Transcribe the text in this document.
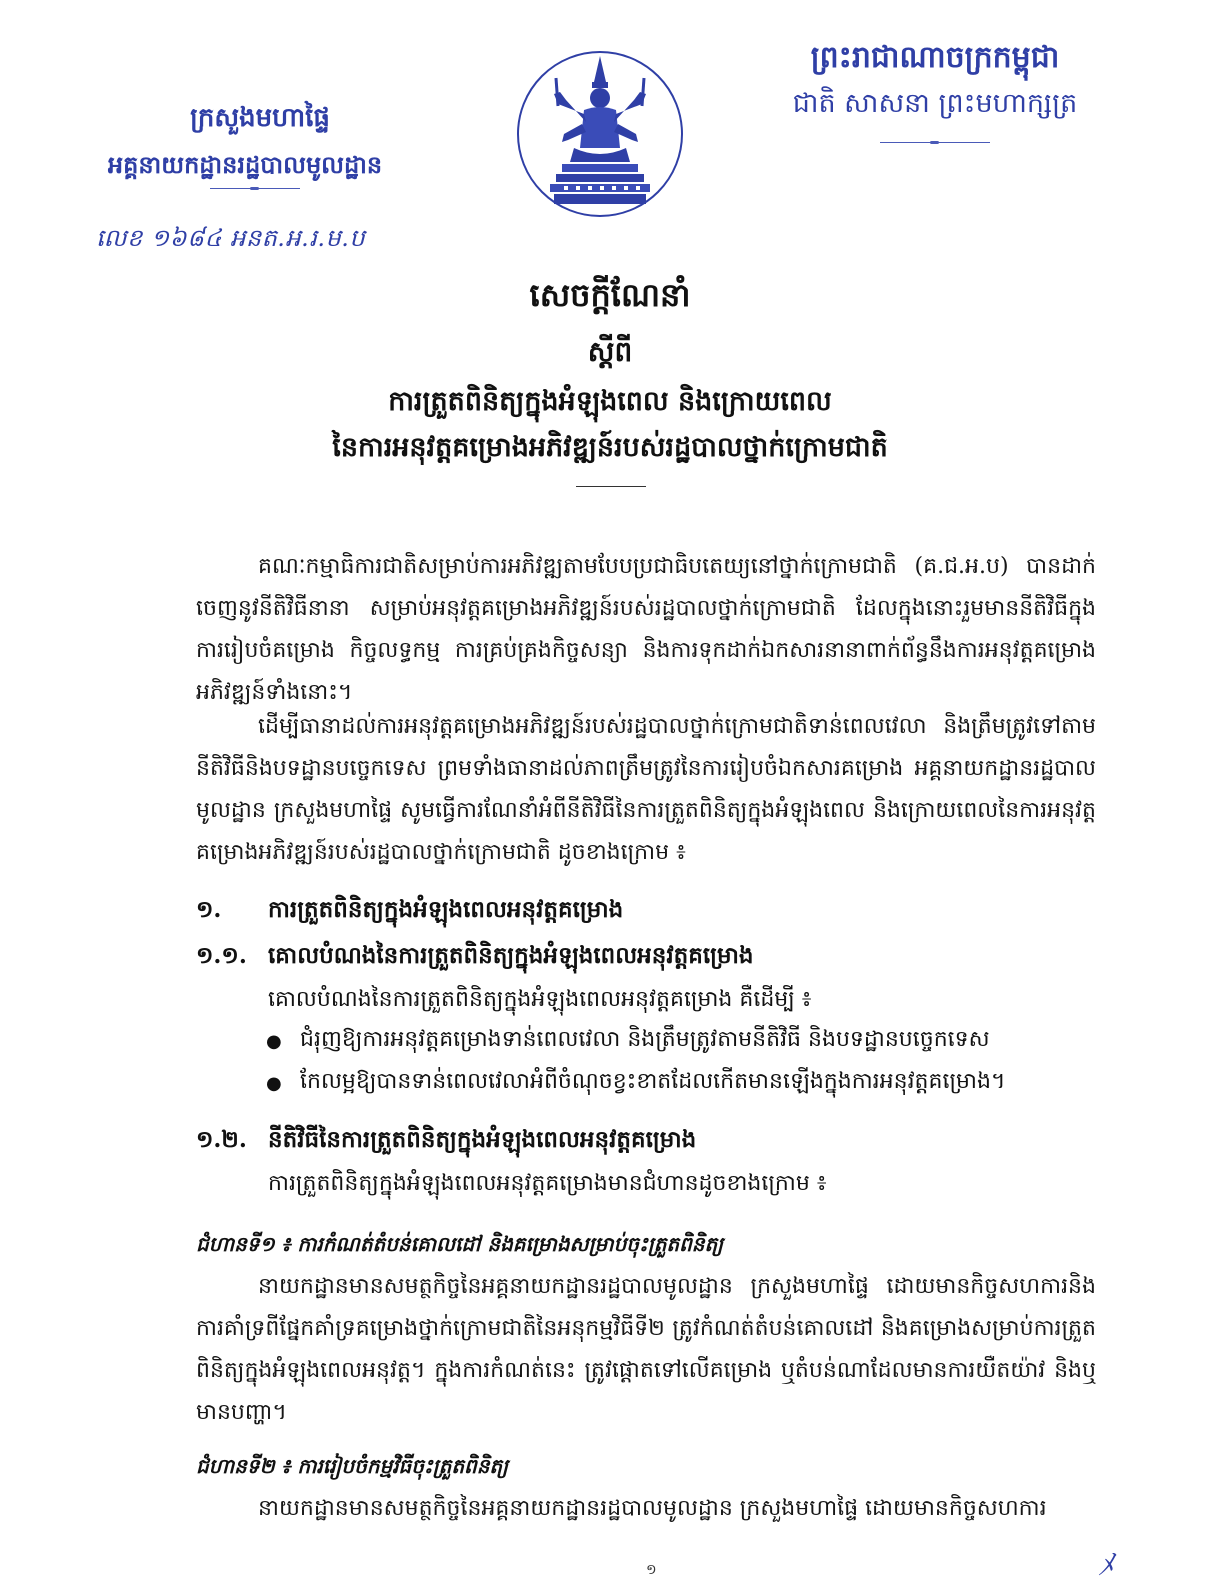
ព្រះរាជាណាចក្រកម្ពុជា
ជាតិ សាសនា ព្រះមហាក្សត្រ
ក្រសួងមហាផ្ទៃ
អគ្គនាយកដ្ឋានរដ្ឋបាលមូលដ្ឋាន
លេខ ១៦៨៤ អនត.អ.រ.ម.ប
សេចក្តីណែនាំ
ស្តីពី
ការត្រួតពិនិត្យក្នុងអំឡុងពេល និងក្រោយពេល
នៃការអនុវត្តគម្រោងអភិវឌ្ឍន៍របស់រដ្ឋបាលថ្នាក់ក្រោមជាតិ
គណៈកម្មាធិការជាតិសម្រាប់ការអភិវឌ្ឍតាមបែបប្រជាធិបតេយ្យនៅថ្នាក់ក្រោមជាតិ (គ.ជ.អ.ប) បានដាក់ចេញនូវនីតិវិធីនានា សម្រាប់អនុវត្តគម្រោងអភិវឌ្ឍន៍របស់រដ្ឋបាលថ្នាក់ក្រោមជាតិ ដែលក្នុងនោះរួមមាននីតិវិធីក្នុងការរៀបចំគម្រោង កិច្ចលទ្ធកម្ម ការគ្រប់គ្រងកិច្ចសន្យា និងការទុកដាក់ឯកសារនានាពាក់ព័ន្ធនឹងការអនុវត្តគម្រោងអភិវឌ្ឍន៍ទាំងនោះ។
ដើម្បីធានាដល់ការអនុវត្តគម្រោងអភិវឌ្ឍន៍របស់រដ្ឋបាលថ្នាក់ក្រោមជាតិទាន់ពេលវេលា និងត្រឹមត្រូវទៅតាមនីតិវិធីនិងបទដ្ឋានបច្ចេកទេស ព្រមទាំងធានាដល់ភាពត្រឹមត្រូវនៃការរៀបចំឯកសារគម្រោង អគ្គនាយកដ្ឋានរដ្ឋបាលមូលដ្ឋាន ក្រសួងមហាផ្ទៃ សូមធ្វើការណែនាំអំពីនីតិវិធីនៃការត្រួតពិនិត្យក្នុងអំឡុងពេល និងក្រោយពេលនៃការអនុវត្តគម្រោងអភិវឌ្ឍន៍របស់រដ្ឋបាលថ្នាក់ក្រោមជាតិ ដូចខាងក្រោម ៖
១. ការត្រួតពិនិត្យក្នុងអំឡុងពេលអនុវត្តគម្រោង
១.១. គោលបំណងនៃការត្រួតពិនិត្យក្នុងអំឡុងពេលអនុវត្តគម្រោង
គោលបំណងនៃការត្រួតពិនិត្យក្នុងអំឡុងពេលអនុវត្តគម្រោង គឺដើម្បី ៖
● ជំរុញឱ្យការអនុវត្តគម្រោងទាន់ពេលវេលា និងត្រឹមត្រូវតាមនីតិវិធី និងបទដ្ឋានបច្ចេកទេស
● កែលម្អឱ្យបានទាន់ពេលវេលាអំពីចំណុចខ្វះខាតដែលកើតមានឡើងក្នុងការអនុវត្តគម្រោង។
១.២. នីតិវិធីនៃការត្រួតពិនិត្យក្នុងអំឡុងពេលអនុវត្តគម្រោង
ការត្រួតពិនិត្យក្នុងអំឡុងពេលអនុវត្តគម្រោងមានជំហានដូចខាងក្រោម ៖
ជំហានទី១ ៖ ការកំណត់តំបន់គោលដៅ និងគម្រោងសម្រាប់ចុះត្រួតពិនិត្យ
នាយកដ្ឋានមានសមត្ថកិច្ចនៃអគ្គនាយកដ្ឋានរដ្ឋបាលមូលដ្ឋាន ក្រសួងមហាផ្ទៃ ដោយមានកិច្ចសហការនិងការគាំទ្រពីផ្នែកគាំទ្រគម្រោងថ្នាក់ក្រោមជាតិនៃអនុកម្មវិធីទី២ ត្រូវកំណត់តំបន់គោលដៅ និងគម្រោងសម្រាប់ការត្រួតពិនិត្យក្នុងអំឡុងពេលអនុវត្ត។ ក្នុងការកំណត់នេះ ត្រូវផ្តោតទៅលើគម្រោង ឬតំបន់ណាដែលមានការយឺតយ៉ាវ និងឬមានបញ្ហា។
ជំហានទី២ ៖ ការរៀបចំកម្មវិធីចុះត្រួតពិនិត្យ
នាយកដ្ឋានមានសមត្ថកិច្ចនៃអគ្គនាយកដ្ឋានរដ្ឋបាលមូលដ្ឋាន ក្រសួងមហាផ្ទៃ ដោយមានកិច្ចសហការ
១	ﾒ
